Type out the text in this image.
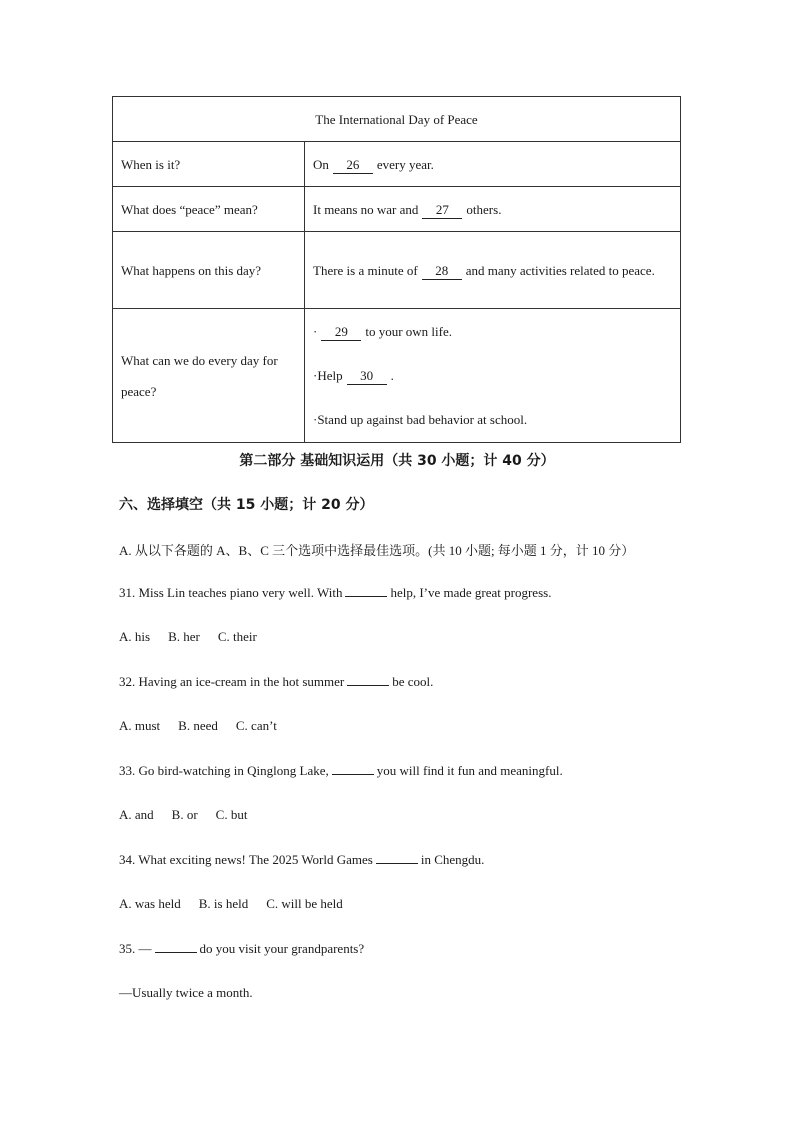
The International Day of Peace	
When is it?	On 26 every year.
What does “peace” mean?	It means no war and 27 others.
What happens on this day?	There is a minute of 28 and many activities related to peace.
What can we do every day for peace?	· 29 to your own life.
·Help 30 .
·Stand up against bad behavior at school.
第二部分 基础知识运用（共 30 小题；计 40 分）
六、选择填空（共 15 小题；计 20 分）
A. 从以下各题的 A、B、C 三个选项中选择最佳选项。(共 10 小题; 每小题 1 分，计 10 分）
31. Miss Lin teaches piano very well. With	help, I’ve made great progress.
A. his B. her C. their
32. Having an ice-cream in the hot summer	be cool.
A. must B. need C. can’t
33. Go bird-watching in Qinglong Lake,	you will find it fun and meaningful.
A. and B. or C. but
34. What exciting news! The 2025 World Games	in Chengdu.
A. was held B. is held C. will be held
35. —	do you visit your grandparents?
—Usually twice a month.
